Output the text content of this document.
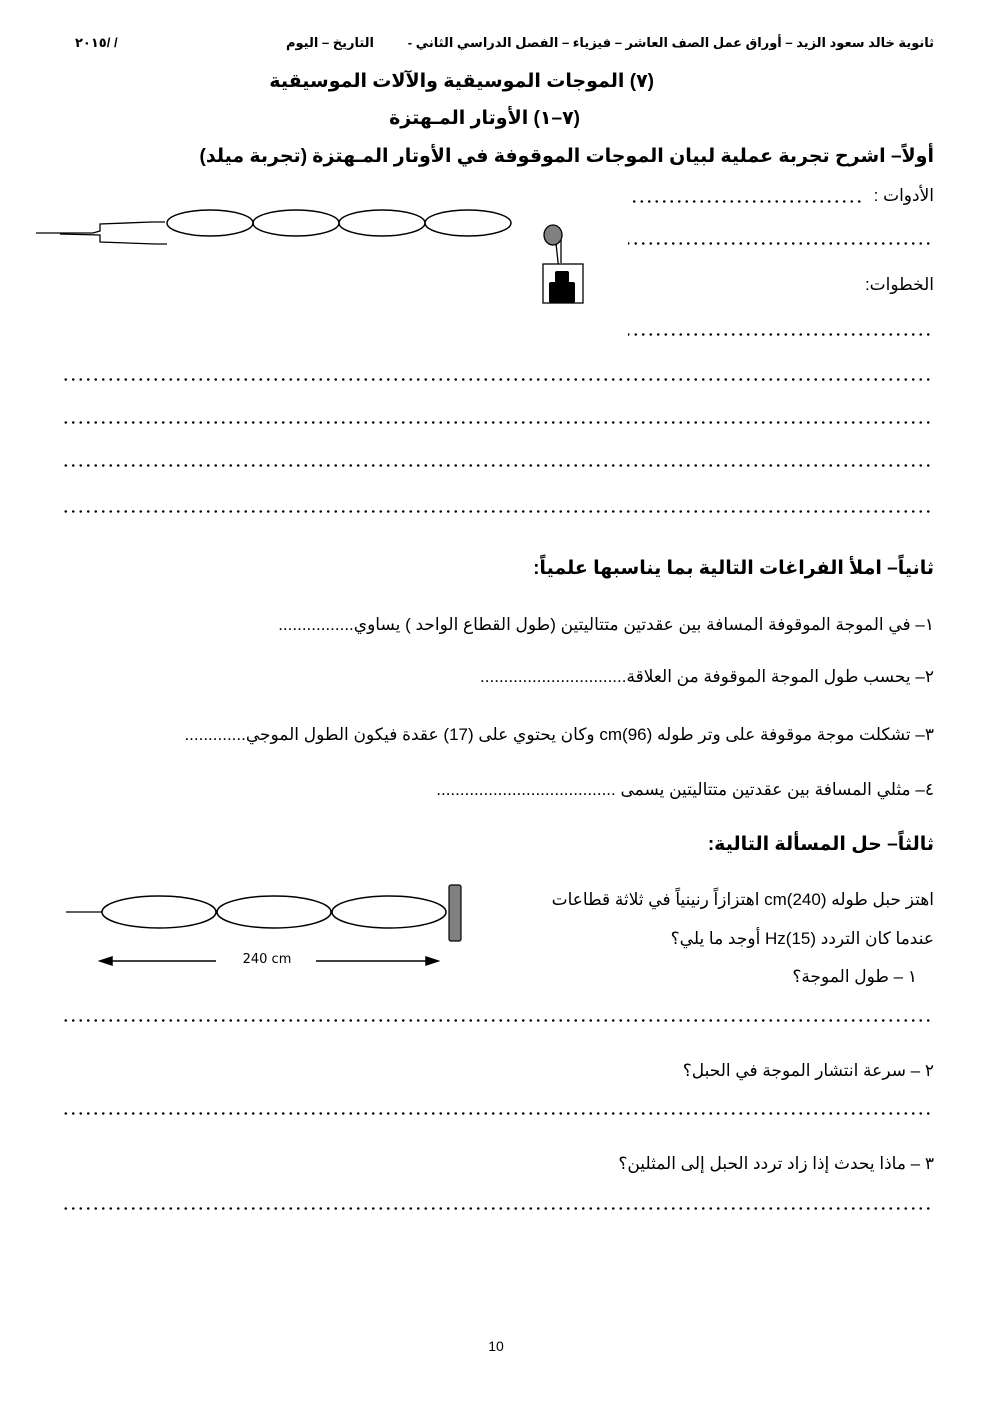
ثانوية خالد سعود الزيد – أوراق عمل الصف العاشر – فيزياء – الفصل الدراسي الثاني -
التاريخ – اليوم
٢٠١٥/ /
(٧) الموجات الموسيقية والآلات الموسيقية
(٧–١) الأوتار المـهتزة
أولاً– اشرح تجربة عملية لبيان الموجات الموقوفة في الأوتار المـهتزة (تجربة ميلد)
الأدوات :
الخطوات:
ثانياً– املأ الفراغات التالية بما يناسبها علمياً:
١– في الموجة الموقوفة المسافة بين عقدتين متتاليتين (طول القطاع الواحد ) يساوي................
٢– يحسب طول الموجة الموقوفة من العلاقة...............................
٣– تشكلت موجة موقوفة على وتر طوله cm(96) وكان يحتوي على (17) عقدة فيكون الطول الموجي.............
٤– مثلي المسافة بين عقدتين متتاليتين يسمى ......................................
ثالثاً– حل المسألة التالية:
اهتز حبل طوله cm(240) اهتزازاً رنينياً في ثلاثة قطاعات
عندما كان التردد Hz(15) أوجد ما يلي؟
١ – طول الموجة؟
٢ – سرعة انتشار الموجة في الحبل؟
٣ – ماذا يحدث إذا زاد تردد الحبل إلى المثلين؟
240 cm
10
